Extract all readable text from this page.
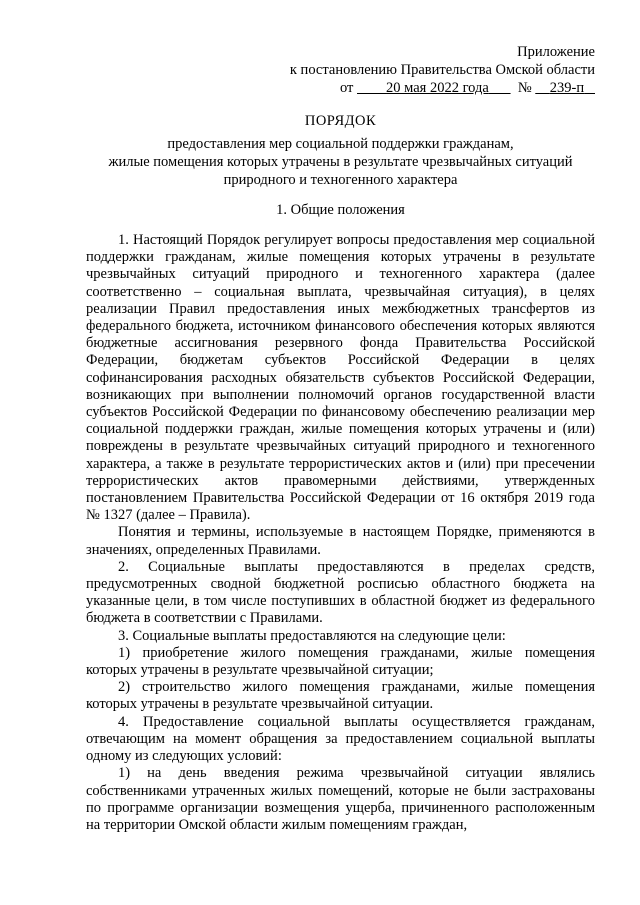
Приложение
к постановлению Правительства Омской области
от 20 мая 2022 года № 239-п
ПОРЯДОК
предоставления мер социальной поддержки гражданам,
жилые помещения которых утрачены в результате чрезвычайных ситуаций
природного и техногенного характера
1. Общие положения

1. Настоящий Порядок регулирует вопросы предоставления мер социальной поддержки гражданам, жилые помещения которых утрачены в результате чрезвычайных ситуаций природного и техногенного характера (далее соответственно – социальная выплата, чрезвычайная ситуация), в целях реализации Правил предоставления иных межбюджетных трансфертов из федерального бюджета, источником финансового обеспечения которых являются бюджетные ассигнования резервного фонда Правительства Российской Федерации, бюджетам субъектов Российской Федерации в целях софинансирования расходных обязательств субъектов Российской Федерации, возникающих при выполнении полномочий органов государственной власти субъектов Российской Федерации по финансовому обеспечению реализации мер социальной поддержки граждан, жилые помещения которых утрачены и (или) повреждены в результате чрезвычайных ситуаций природного и техногенного характера, а также в результате террористических актов и (или) при пресечении террористических актов правомерными действиями, утвержденных постановлением Правительства Российской Федерации от 16 октября 2019 года № 1327 (далее – Правила).

Понятия и термины, используемые в настоящем Порядке, применяются в значениях, определенных Правилами.

2. Социальные выплаты предоставляются в пределах средств, предусмотренных сводной бюджетной росписью областного бюджета на указанные цели, в том числе поступивших в областной бюджет из федерального бюджета в соответствии с Правилами.

3. Социальные выплаты предоставляются на следующие цели:

1) приобретение жилого помещения гражданами, жилые помещения которых утрачены в результате чрезвычайной ситуации;

2) строительство жилого помещения гражданами, жилые помещения которых утрачены в результате чрезвычайной ситуации.

4. Предоставление социальной выплаты осуществляется гражданам, отвечающим на момент обращения за предоставлением социальной выплаты одному из следующих условий:

1) на день введения режима чрезвычайной ситуации являлись собственниками утраченных жилых помещений, которые не были застрахованы по программе организации возмещения ущерба, причиненного расположенным на территории Омской области жилым помещениям граждан,
